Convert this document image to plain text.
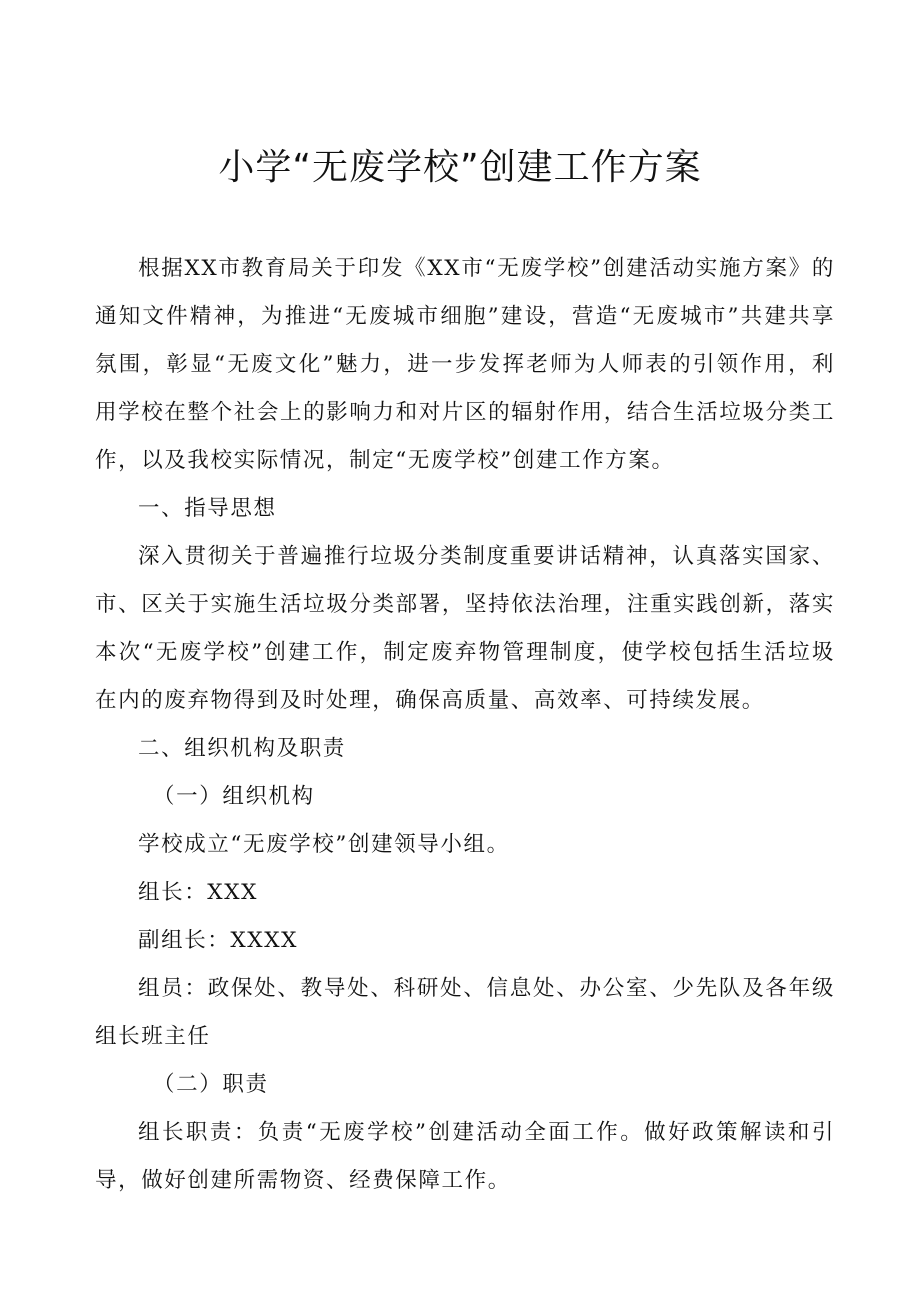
小学“无废学校”创建工作方案

根据XX市教育局关于印发《XX市“无废学校”创建活动实施方案》的通知文件精神，为推进“无废城市细胞”建设，营造“无废城市”共建共享氛围，彰显“无废文化”魅力，进一步发挥老师为人师表的引领作用，利用学校在整个社会上的影响力和对片区的辐射作用，结合生活垃圾分类工作，以及我校实际情况，制定“无废学校”创建工作方案。

一、指导思想

深入贯彻关于普遍推行垃圾分类制度重要讲话精神，认真落实国家、市、区关于实施生活垃圾分类部署，坚持依法治理，注重实践创新，落实本次“无废学校”创建工作，制定废弃物管理制度，使学校包括生活垃圾在内的废弃物得到及时处理，确保高质量、高效率、可持续发展。

二、组织机构及职责

（一）组织机构

学校成立“无废学校”创建领导小组。

组长：XXX

副组长：XXXX

组员：政保处、教导处、科研处、信息处、办公室、少先队及各年级组长班主任

（二）职责

组长职责：负责“无废学校”创建活动全面工作。做好政策解读和引导，做好创建所需物资、经费保障工作。
